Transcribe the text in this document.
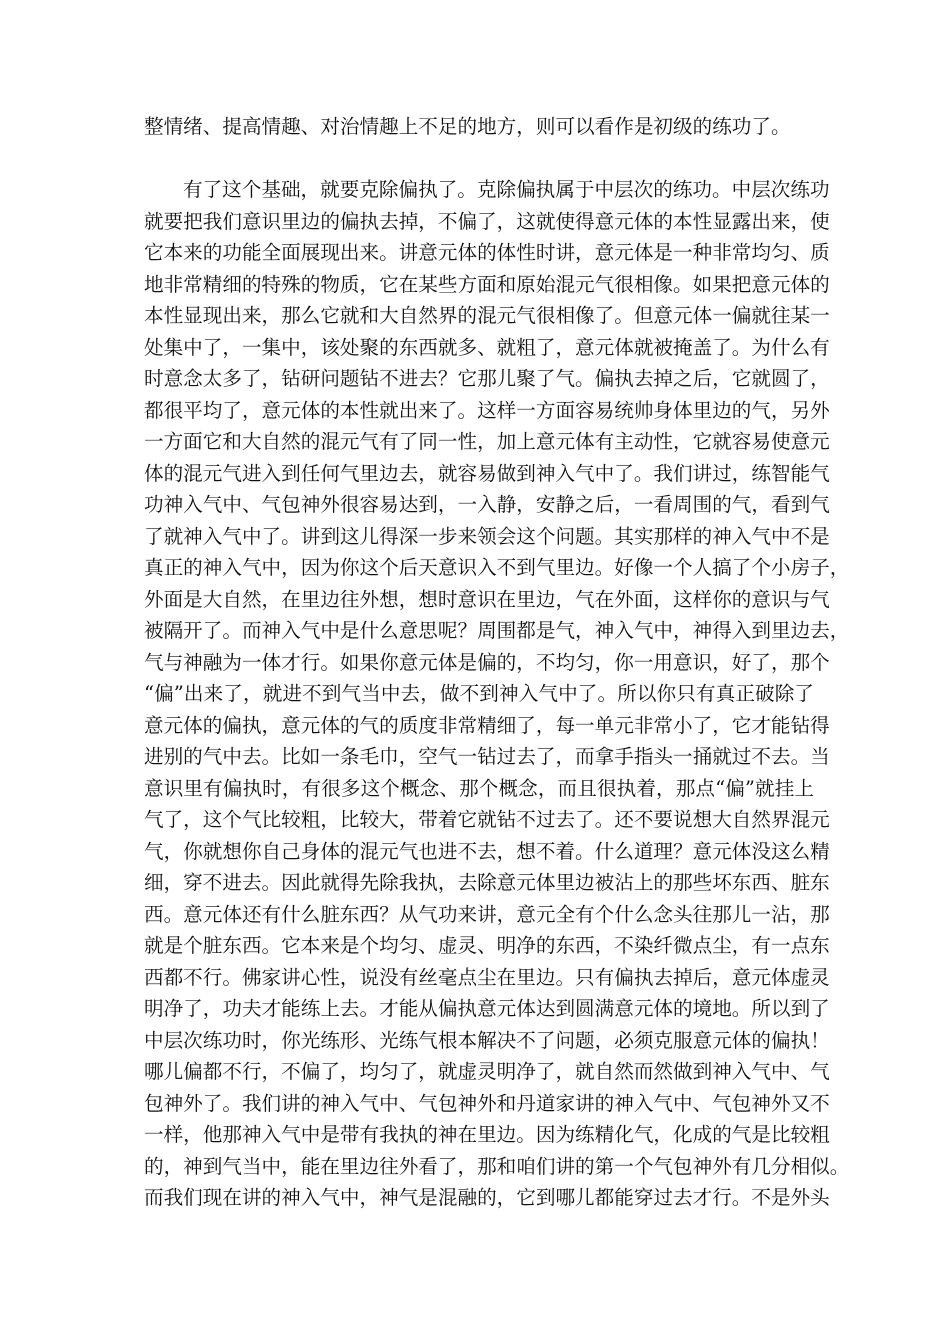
整情绪、提高情趣、对治情趣上不足的地方，则可以看作是初级的练功了。
有了这个基础，就要克除偏执了。克除偏执属于中层次的练功。中层次练功
就要把我们意识里边的偏执去掉，不偏了，这就使得意元体的本性显露出来，使
它本来的功能全面展现出来。讲意元体的体性时讲，意元体是一种非常均匀、质
地非常精细的特殊的物质，它在某些方面和原始混元气很相像。如果把意元体的
本性显现出来，那么它就和大自然界的混元气很相像了。但意元体一偏就往某一
处集中了，一集中，该处聚的东西就多、就粗了，意元体就被掩盖了。为什么有
时意念太多了，钻研问题钻不进去？它那儿聚了气。偏执去掉之后，它就圆了，
都很平均了，意元体的本性就出来了。这样一方面容易统帅身体里边的气，另外
一方面它和大自然的混元气有了同一性，加上意元体有主动性，它就容易使意元
体的混元气进入到任何气里边去，就容易做到神入气中了。我们讲过，练智能气
功神入气中、气包神外很容易达到，一入静，安静之后，一看周围的气，看到气
了就神入气中了。讲到这儿得深一步来领会这个问题。其实那样的神入气中不是
真正的神入气中，因为你这个后天意识入不到气里边。好像一个人搞了个小房子，
外面是大自然，在里边往外想，想时意识在里边，气在外面，这样你的意识与气
被隔开了。而神入气中是什么意思呢？周围都是气，神入气中，神得入到里边去，
气与神融为一体才行。如果你意元体是偏的，不均匀，你一用意识，好了，那个
“偏”出来了，就进不到气当中去，做不到神入气中了。所以你只有真正破除了
意元体的偏执，意元体的气的质度非常精细了，每一单元非常小了，它才能钻得
进别的气中去。比如一条毛巾，空气一钻过去了，而拿手指头一捅就过不去。当
意识里有偏执时，有很多这个概念、那个概念，而且很执着，那点“偏”就挂上
气了，这个气比较粗，比较大，带着它就钻不过去了。还不要说想大自然界混元
气，你就想你自己身体的混元气也进不去，想不着。什么道理？意元体没这么精
细，穿不进去。因此就得先除我执，去除意元体里边被沾上的那些坏东西、脏东
西。意元体还有什么脏东西？从气功来讲，意元全有个什么念头往那儿一沾，那
就是个脏东西。它本来是个均匀、虚灵、明净的东西，不染纤微点尘，有一点东
西都不行。佛家讲心性，说没有丝毫点尘在里边。只有偏执去掉后，意元体虚灵
明净了，功夫才能练上去。才能从偏执意元体达到圆满意元体的境地。所以到了
中层次练功时，你光练形、光练气根本解决不了问题，必须克服意元体的偏执！
哪儿偏都不行，不偏了，均匀了，就虚灵明净了，就自然而然做到神入气中、气
包神外了。我们讲的神入气中、气包神外和丹道家讲的神入气中、气包神外又不
一样，他那神入气中是带有我执的神在里边。因为练精化气，化成的气是比较粗
的，神到气当中，能在里边往外看了，那和咱们讲的第一个气包神外有几分相似。
而我们现在讲的神入气中，神气是混融的，它到哪儿都能穿过去才行。不是外头
